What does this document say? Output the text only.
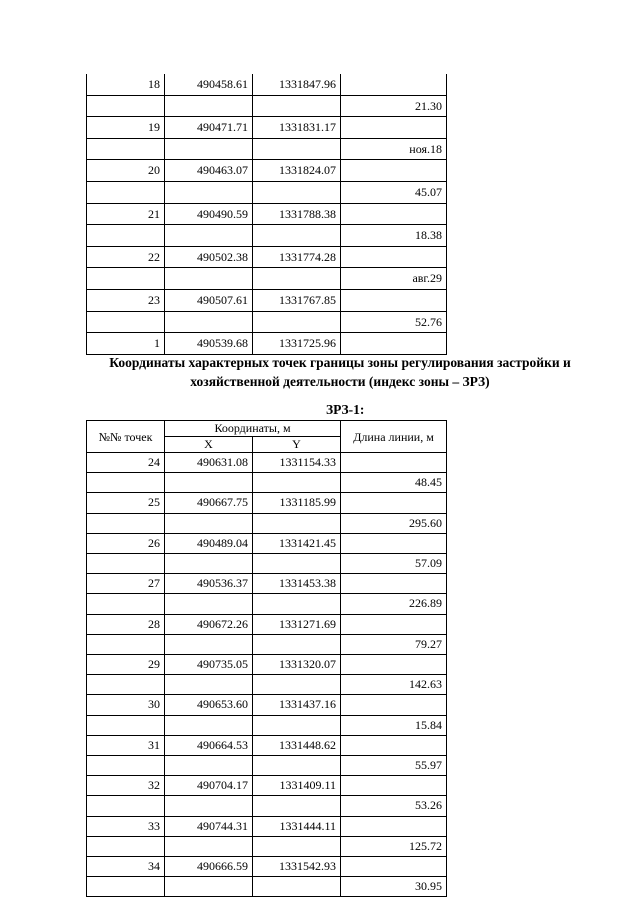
18	490458.61	1331847.96	
			21.30
19	490471.71	1331831.17	
			ноя.18
20	490463.07	1331824.07	
			45.07
21	490490.59	1331788.38	
			18.38
22	490502.38	1331774.28	
			авг.29
23	490507.61	1331767.85	
			52.76
1	490539.68	1331725.96	
Координаты характерных точек границы зоны регулирования застройки и
хозяйственной деятельности (индекс зоны – ЗРЗ)
ЗРЗ-1:
№№ точек	Координаты, м		Длина линии, м
	X	Y	
24	490631.08	1331154.33	
			48.45
25	490667.75	1331185.99	
			295.60
26	490489.04	1331421.45	
			57.09
27	490536.37	1331453.38	
			226.89
28	490672.26	1331271.69	
			79.27
29	490735.05	1331320.07	
			142.63
30	490653.60	1331437.16	
			15.84
31	490664.53	1331448.62	
			55.97
32	490704.17	1331409.11	
			53.26
33	490744.31	1331444.11	
			125.72
34	490666.59	1331542.93	
			30.95
